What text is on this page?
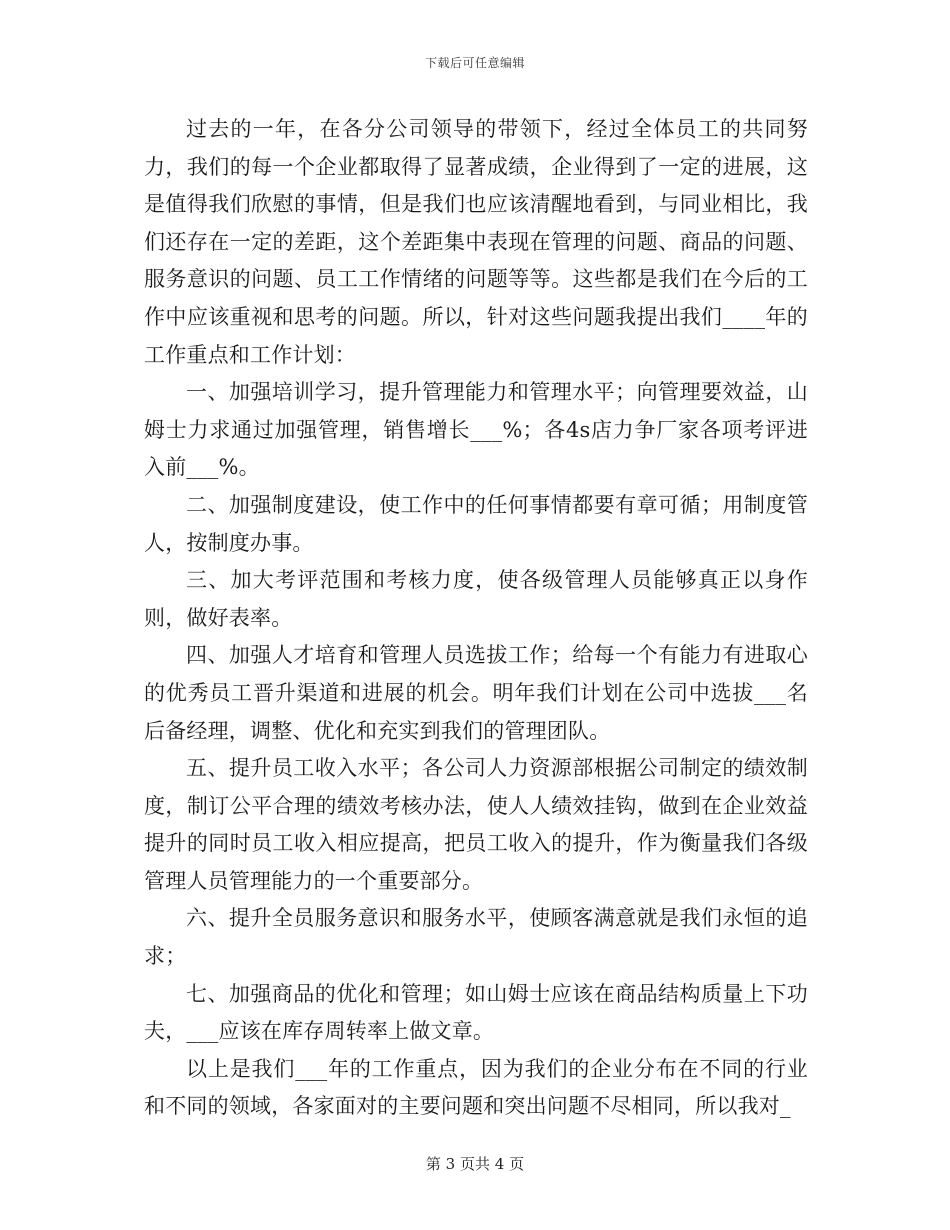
下载后可任意编辑

过去的一年，在各分公司领导的带领下，经过全体员工的共同努力，我们的每一个企业都取得了显著成绩，企业得到了一定的进展，这是值得我们欣慰的事情，但是我们也应该清醒地看到，与同业相比，我们还存在一定的差距，这个差距集中表现在管理的问题、商品的问题、服务意识的问题、员工工作情绪的问题等等。这些都是我们在今后的工作中应该重视和思考的问题。所以，针对这些问题我提出我们____年的工作重点和工作计划：

一、加强培训学习，提升管理能力和管理水平；向管理要效益，山姆士力求通过加强管理，销售增长___%；各4s店力争厂家各项考评进入前___%。

二、加强制度建设，使工作中的任何事情都要有章可循；用制度管人，按制度办事。

三、加大考评范围和考核力度，使各级管理人员能够真正以身作则，做好表率。

四、加强人才培育和管理人员选拔工作；给每一个有能力有进取心的优秀员工晋升渠道和进展的机会。明年我们计划在公司中选拔___名后备经理，调整、优化和充实到我们的管理团队。

五、提升员工收入水平；各公司人力资源部根据公司制定的绩效制度，制订公平合理的绩效考核办法，使人人绩效挂钩，做到在企业效益提升的同时员工收入相应提高，把员工收入的提升，作为衡量我们各级管理人员管理能力的一个重要部分。

六、提升全员服务意识和服务水平，使顾客满意就是我们永恒的追求；

七、加强商品的优化和管理；如山姆士应该在商品结构质量上下功夫，___应该在库存周转率上做文章。

以上是我们___年的工作重点，因为我们的企业分布在不同的行业和不同的领域，各家面对的主要问题和突出问题不尽相同，所以我对_

第 3 页共 4 页
